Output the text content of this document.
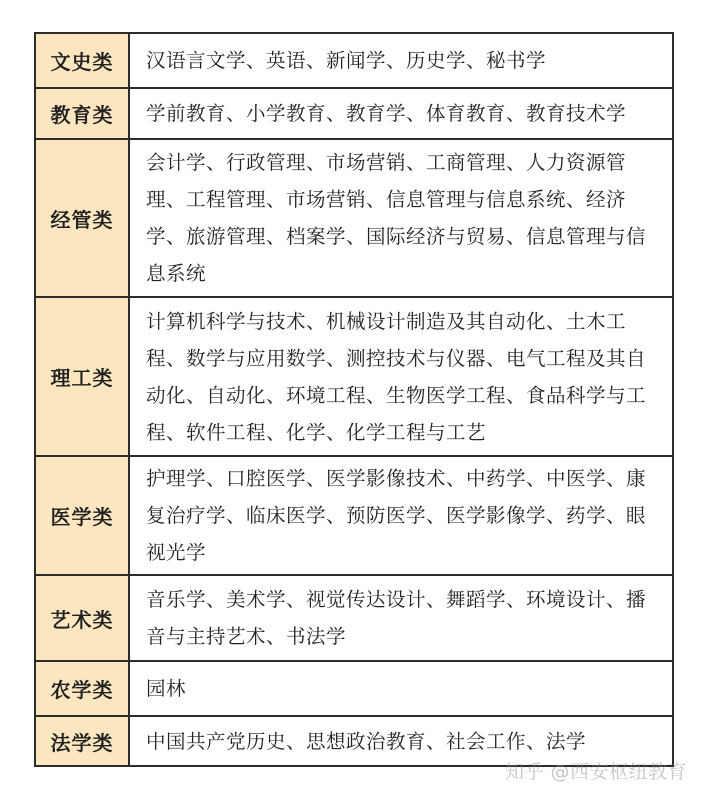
文史类	汉语言文学、英语、新闻学、历史学、秘书学
教育类	学前教育、小学教育、教育学、体育教育、教育技术学
经管类	会计学、行政管理、市场营销、工商管理、人力资源管理、工程管理、市场营销、信息管理与信息系统、经济学、旅游管理、档案学、国际经济与贸易、信息管理与信息系统
理工类	计算机科学与技术、机械设计制造及其自动化、土木工程、数学与应用数学、测控技术与仪器、电气工程及其自动化、自动化、环境工程、生物医学工程、食品科学与工程、软件工程、化学、化学工程与工艺
医学类	护理学、口腔医学、医学影像技术、中药学、中医学、康复治疗学、临床医学、预防医学、医学影像学、药学、眼视光学
艺术类	音乐学、美术学、视觉传达设计、舞蹈学、环境设计、播音与主持艺术、书法学
农学类	园林
法学类	中国共产党历史、思想政治教育、社会工作、法学
知乎 @西安枢纽教育
